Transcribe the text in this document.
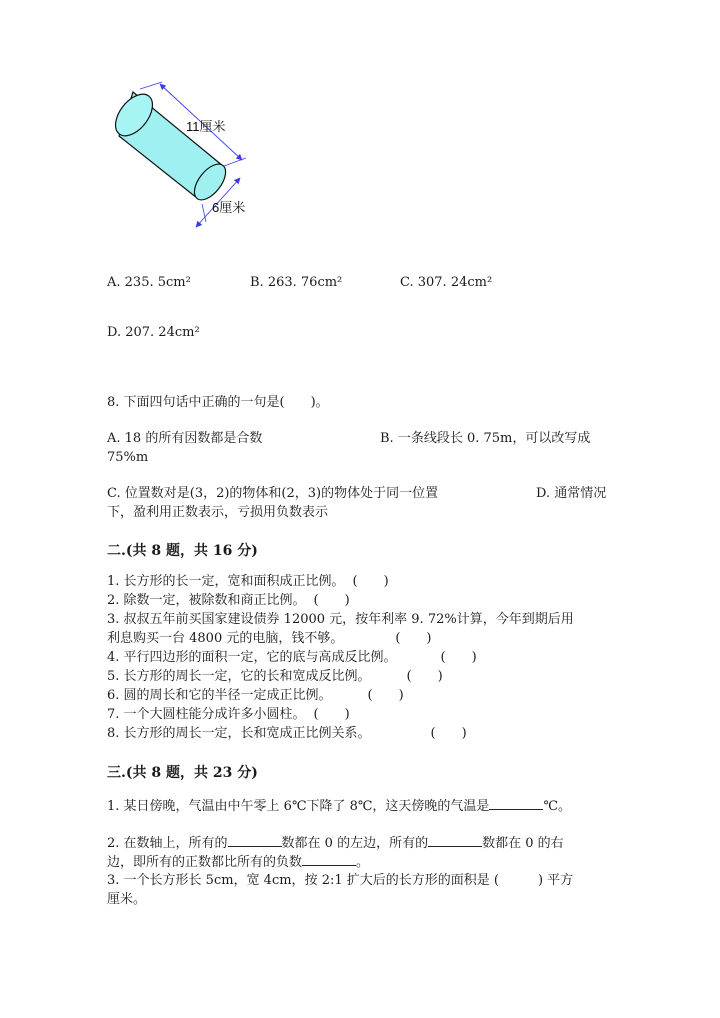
11厘米
6厘米
A. 235. 5cm²	B. 263. 76cm²	C. 307. 24cm²
D. 207. 24cm²
8. 下面四句话中正确的一句是(　　)。
A. 18 的所有因数都是合数	B. 一条线段长 0. 75m，可以改写成
75%m
C. 位置数对是(3，2)的物体和(2，3)的物体处于同一位置	D. 通常情况
下，盈利用正数表示，亏损用负数表示
二.(共 8 题，共 16 分)
1. 长方形的长一定，宽和面积成正比例。 (　　)
2. 除数一定，被除数和商正比例。 (　　)
3. 叔叔五年前买国家建设债券 12000 元，按年利率 9. 72%计算，今年到期后用
利息购买一台 4800 元的电脑，钱不够。	(　　)
4. 平行四边形的面积一定，它的底与高成反比例。	(　　)
5. 长方形的周长一定，它的长和宽成反比例。	(　　)
6. 圆的周长和它的半径一定成正比例。	(　　)
7. 一个大圆柱能分成许多小圆柱。 (　　)
8. 长方形的周长一定，长和宽成正比例关系。	(　　)
三.(共 8 题，共 23 分)
1. 某日傍晚，气温由中午零上 6℃下降了 8℃，这天傍晚的气温是	℃。
2. 在数轴上，所有的	数都在 0 的左边，所有的	数都在 0 的右
边，即所有的正数都比所有的负数	。
3. 一个长方形长 5cm，宽 4cm，按 2:1 扩大后的长方形的面积是 (　　　) 平方
厘米。
